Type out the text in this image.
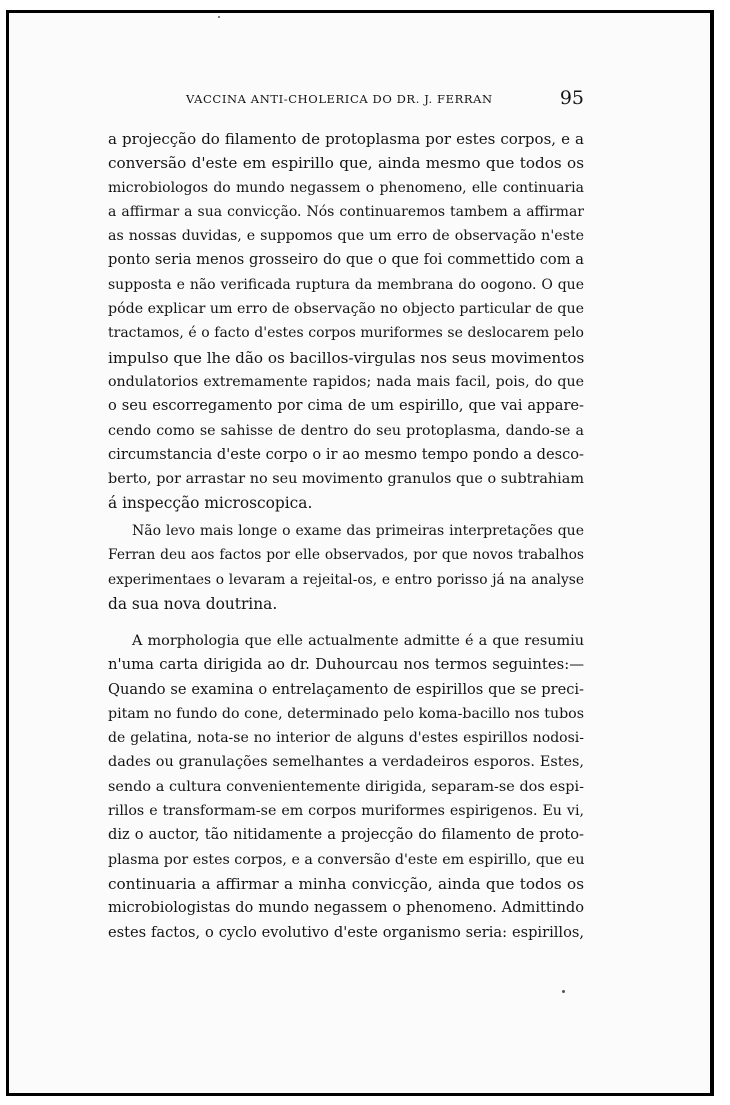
VACCINA ANTI-CHOLERICA DO DR. J. FERRAN	95
a projecção do filamento de protoplasma por estes corpos, e a
conversão d'este em espirillo que, ainda mesmo que todos os
microbiologos do mundo negassem o phenomeno, elle continuaria
a affirmar a sua convicção. Nós continuaremos tambem a affirmar
as nossas duvidas, e suppomos que um erro de observação n'este
ponto seria menos grosseiro do que o que foi commettido com a
supposta e não verificada ruptura da membrana do oogono. O que
póde explicar um erro de observação no objecto particular de que
tractamos, é o facto d'estes corpos muriformes se deslocarem pelo
impulso que lhe dão os bacillos-virgulas nos seus movimentos
ondulatorios extremamente rapidos; nada mais facil, pois, do que
o seu escorregamento por cima de um espirillo, que vai appare-
cendo como se sahisse de dentro do seu protoplasma, dando-se a
circumstancia d'este corpo o ir ao mesmo tempo pondo a desco-
berto, por arrastar no seu movimento granulos que o subtrahiam
á inspecção microscopica.
Não levo mais longe o exame das primeiras interpretações que
Ferran deu aos factos por elle observados, por que novos trabalhos
experimentaes o levaram a rejeital-os, e entro porisso já na analyse
da sua nova doutrina.
A morphologia que elle actualmente admitte é a que resumiu
n'uma carta dirigida ao dr. Duhourcau nos termos seguintes:—
Quando se examina o entrelaçamento de espirillos que se preci-
pitam no fundo do cone, determinado pelo koma-bacillo nos tubos
de gelatina, nota-se no interior de alguns d'estes espirillos nodosi-
dades ou granulações semelhantes a verdadeiros esporos. Estes,
sendo a cultura convenientemente dirigida, separam-se dos espi-
rillos e transformam-se em corpos muriformes espirigenos. Eu vi,
diz o auctor, tão nitidamente a projecção do filamento de proto-
plasma por estes corpos, e a conversão d'este em espirillo, que eu
continuaria a affirmar a minha convicção, ainda que todos os
microbiologistas do mundo negassem o phenomeno. Admittindo
estes factos, o cyclo evolutivo d'este organismo seria: espirillos,
